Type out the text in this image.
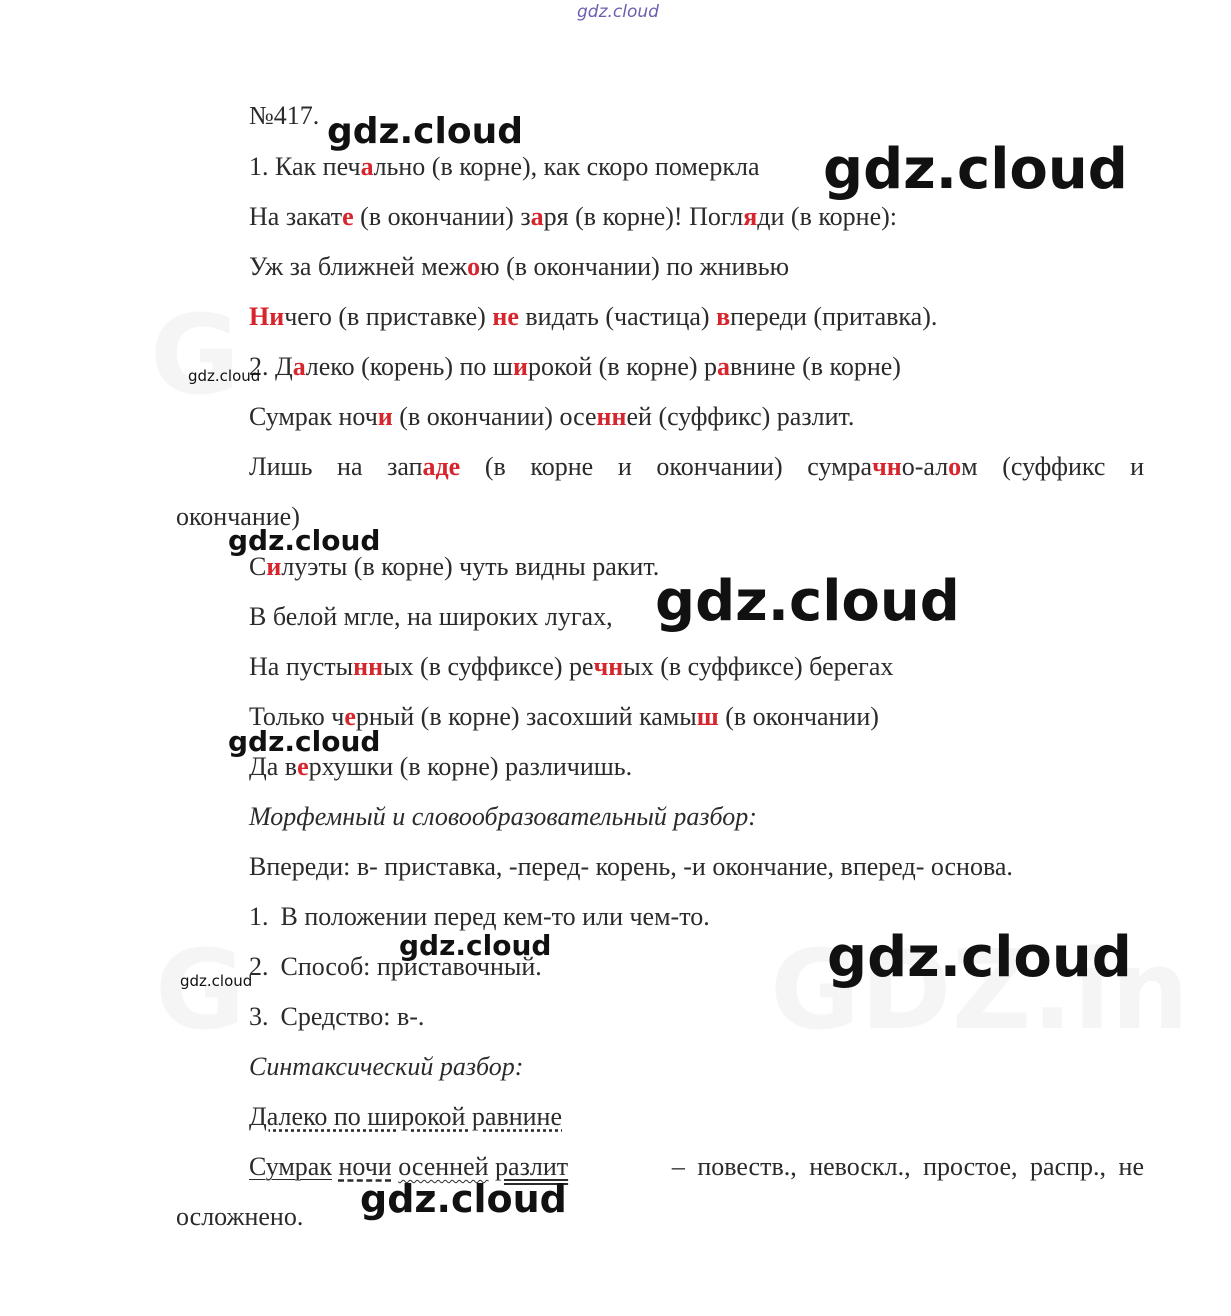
gdz.cloud
№417.
1. Как печально (в корне), как скоро померкла
На закате (в окончании) заря (в корне)! Погляди (в корне):
Уж за ближней межою (в окончании) по жнивью
Ничего (в приставке) не видать (частица) впереди (притавка).
2. Далеко (корень) по широкой (в корне) равнине (в корне)
Сумрак ночи (в окончании) осенней (суффикс) разлит.
Лишь на западе (в корне и окончании) сумрачно-алом (суффикс и
окончание)
Силуэты (в корне) чуть видны ракит.
В белой мгле, на широких лугах,
На пустынных (в суффиксе) речных (в суффиксе) берегах
Только черный (в корне) засохший камыш (в окончании)
Да верхушки (в корне) различишь.
Морфемный и словообразовательный разбор:
Впереди: в- приставка, -перед- корень, -и окончание, вперед- основа.
1. В положении перед кем-то или чем-то.
2. Способ: приставочный.
3. Средство: в-.
Синтаксический разбор:
Далеко по широкой равнине
Сумрак ночи осенней разлит	– повеств., невоскл., простое, распр., не
осложнено.
gdz.cloud
gdz.cloud
gdz.cloud
gdz.cloud
gdz.cloud
gdz.cloud
gdz.cloud	gdz.cloud
gdz.cloud
gdz.cloud
